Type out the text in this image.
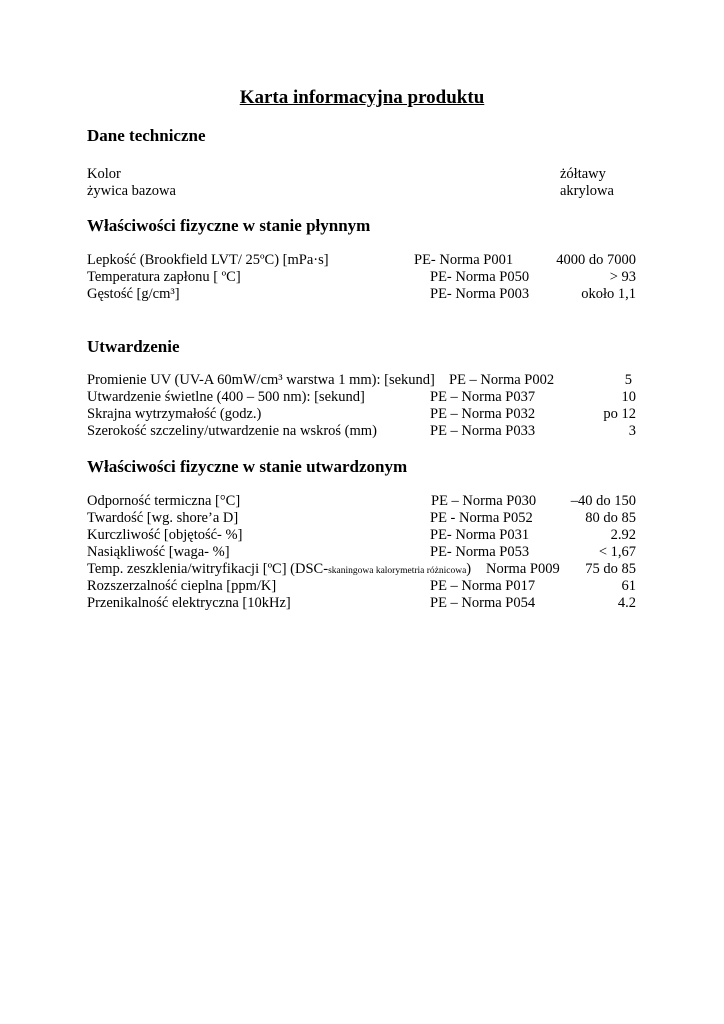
Karta informacyjna produktu
Dane techniczne
Kolor	żółtawy
żywica bazowa	akrylowa
Właściwości fizyczne w stanie płynnym
Lepkość (Brookfield LVT/ 25ºC) [mPa·s]	PE- Norma P001	4000 do 7000
Temperatura zapłonu [ ºC]	PE- Norma P050	> 93
Gęstość [g/cm³]	PE- Norma P003	około 1,1
Utwardzenie
Promienie UV (UV-A 60mW/cm³ warstwa 1 mm): [sekund] PE – Norma P002	5
Utwardzenie świetlne (400 – 500 nm): [sekund]	PE – Norma P037	10
Skrajna wytrzymałość (godz.)	PE – Norma P032	po 12
Szerokość szczeliny/utwardzenie na wskroś (mm)	PE – Norma P033	3
Właściwości fizyczne w stanie utwardzonym
Odporność termiczna [°C]	PE – Norma P030	–40 do 150
Twardość [wg. shore’a D]	PE - Norma P052	80 do 85
Kurczliwość [objętość- %]	PE- Norma P031	2.92
Nasiąkliwość [waga- %]	PE- Norma P053	< 1,67
Temp. zeszklenia/witryfikacji [ºC] (DSC-skaningowa kalorymetria różnicowa) Norma P009	75 do 85
Rozszerzalność cieplna [ppm/K]	PE – Norma P017	61
Przenikalność elektryczna [10kHz]	PE – Norma P054	4.2
